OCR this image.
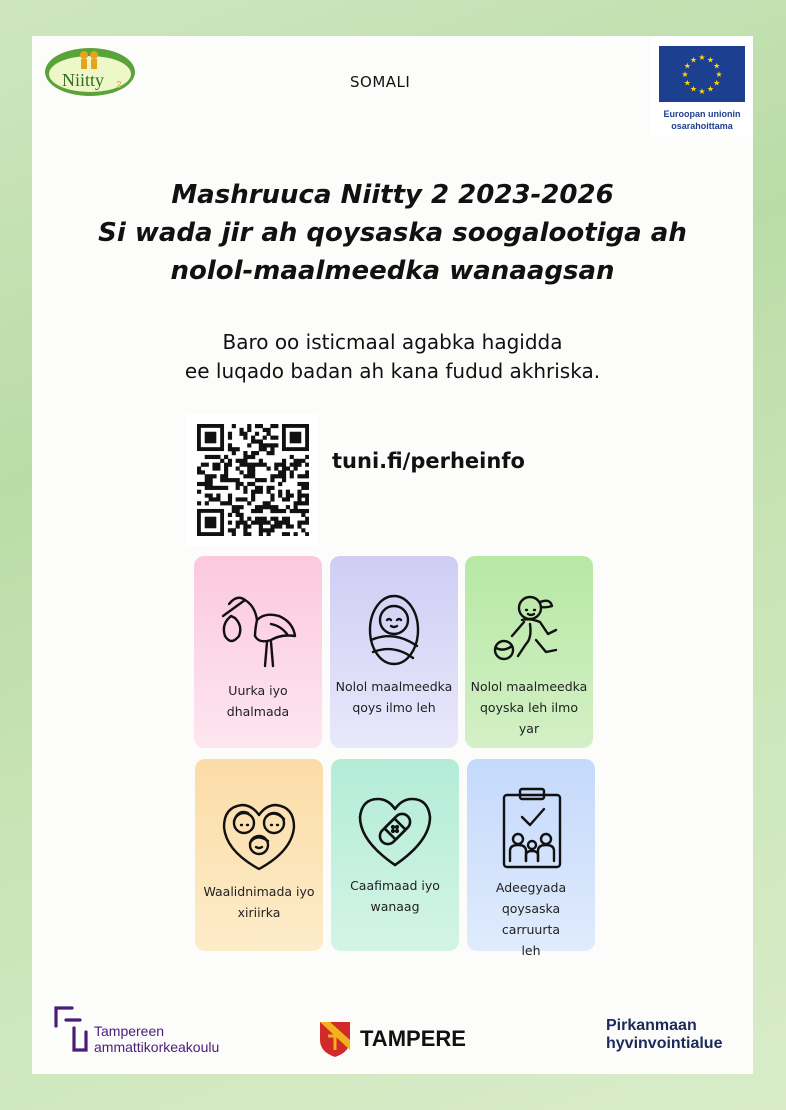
Niitty 2	SOMALI
★ ★
★
★
★
★
★
★
★
★
★
★
Euroopan unionin
osarahoittama
Mashruuca Niitty 2 2023-2026
Si wada jir ah qoysaska soogalootiga ah
nolol-maalmeedka wanaagsan
Baro oo isticmaal agabka hagidda
ee luqado badan ah kana fudud akhriska.
tuni.fi/perheinfo
Uurka iyo
dhalmada
Nolol maalmeedka
qoys ilmo leh
Nolol maalmeedka
qoyska leh ilmo yar
Waalidnimada iyo
xiriirka
Caafimaad iyo
wanaag
Adeegyada
qoysaska carruurta
leh
Tampereen
ammattikorkeakoulu	TAMPERE
Pirkanmaan
hyvinvointialue
